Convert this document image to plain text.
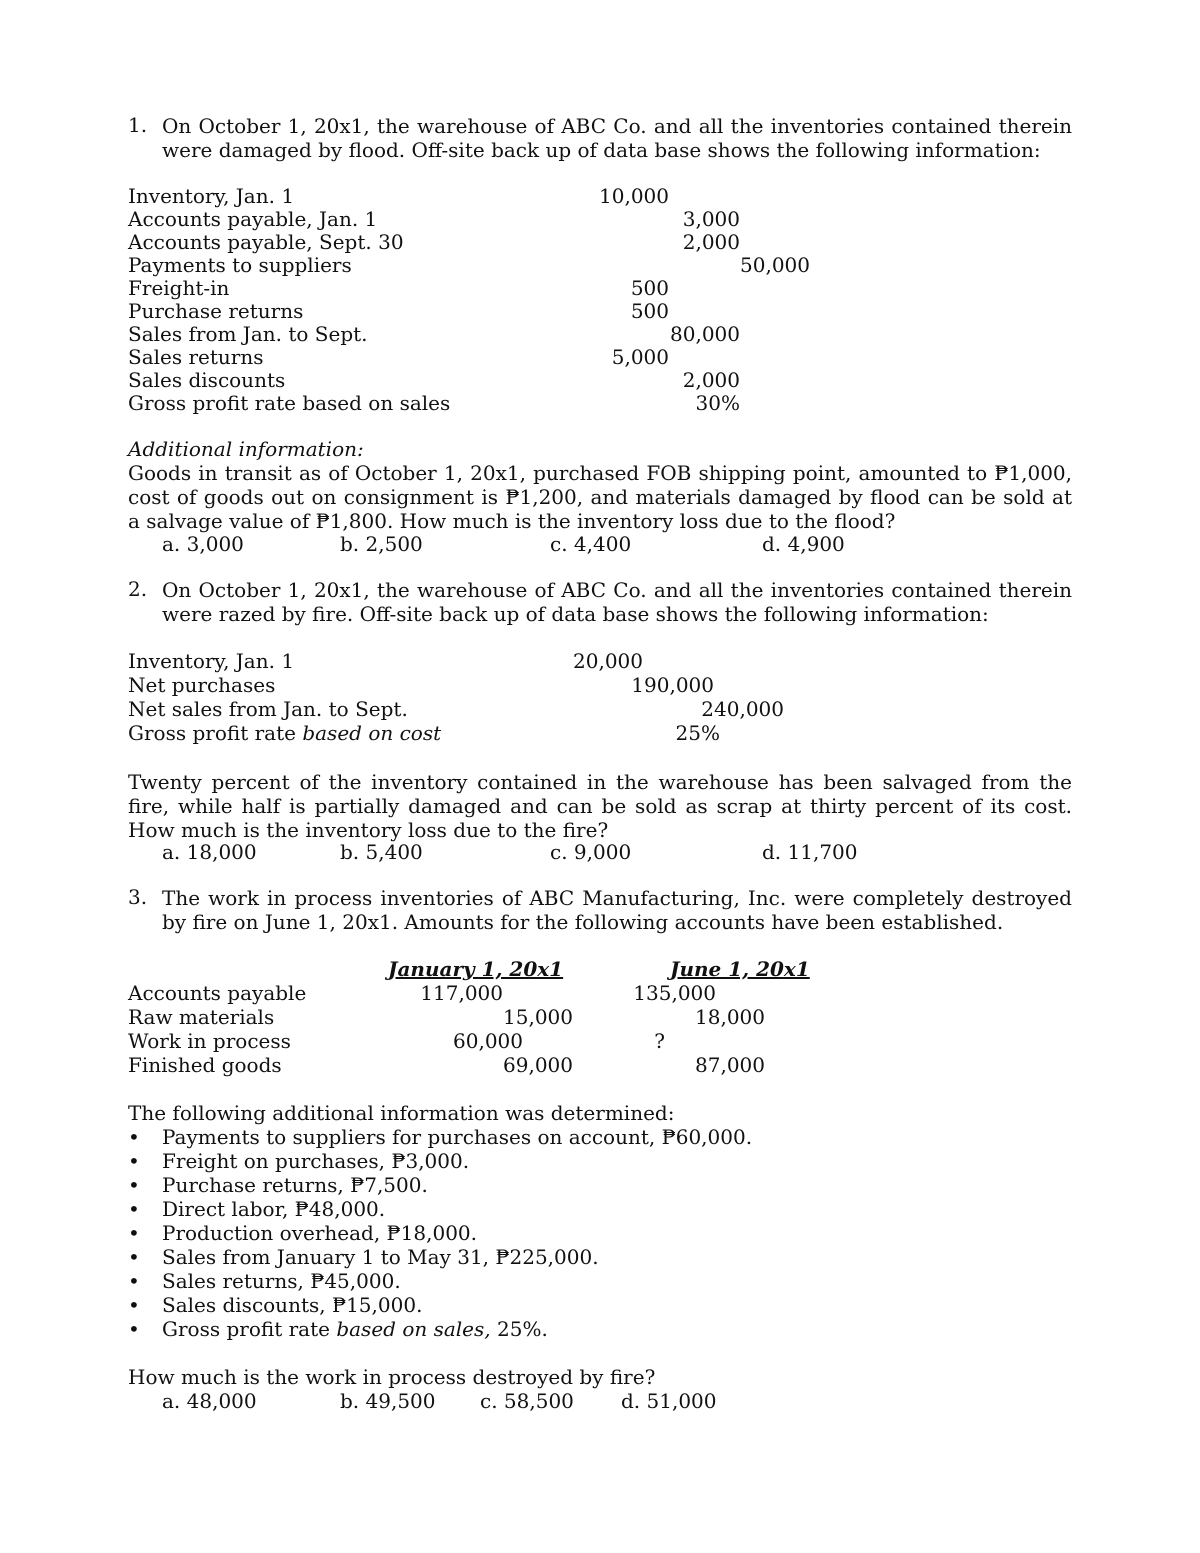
1. On October 1, 20x1, the warehouse of ABC Co. and all the inventories contained therein were damaged by flood. Off-site back up of data base shows the following information:
Inventory, Jan. 1	10,000
Accounts payable, Jan. 1	3,000
Accounts payable, Sept. 30	2,000
Payments to suppliers	50,000
Freight-in	500
Purchase returns	500
Sales from Jan. to Sept.	80,000
Sales returns	5,000
Sales discounts	2,000
Gross profit rate based on sales	30%
Additional information:
Goods in transit as of October 1, 20x1, purchased FOB shipping point, amounted to ₱1,000, cost of goods out on consignment is ₱1,200, and materials damaged by flood can be sold at a salvage value of ₱1,800. How much is the inventory loss due to the flood?
a. 3,000	b. 2,500	c. 4,400	d. 4,900
2. On October 1, 20x1, the warehouse of ABC Co. and all the inventories contained therein were razed by fire. Off-site back up of data base shows the following information:
Inventory, Jan. 1	20,000
Net purchases	190,000
Net sales from Jan. to Sept.	240,000
Gross profit rate based on cost	25%
Twenty percent of the inventory contained in the warehouse has been salvaged from the fire, while half is partially damaged and can be sold as scrap at thirty percent of its cost. How much is the inventory loss due to the fire?
a. 18,000	b. 5,400	c. 9,000	d. 11,700
3. The work in process inventories of ABC Manufacturing, Inc. were completely destroyed by fire on June 1, 20x1. Amounts for the following accounts have been established.
January 1, 20x1	June 1, 20x1
Accounts payable	117,000	135,000
Raw materials	15,000	18,000
Work in process	60,000	?
Finished goods	69,000	87,000
The following additional information was determined:
• Payments to suppliers for purchases on account, ₱60,000.
• Freight on purchases, ₱3,000.
• Purchase returns, ₱7,500.
• Direct labor, ₱48,000.
• Production overhead, ₱18,000.
• Sales from January 1 to May 31, ₱225,000.
• Sales returns, ₱45,000.
• Sales discounts, ₱15,000.
• Gross profit rate based on sales, 25%.
How much is the work in process destroyed by fire?
a. 48,000	b. 49,500 c. 58,500 d. 51,000
